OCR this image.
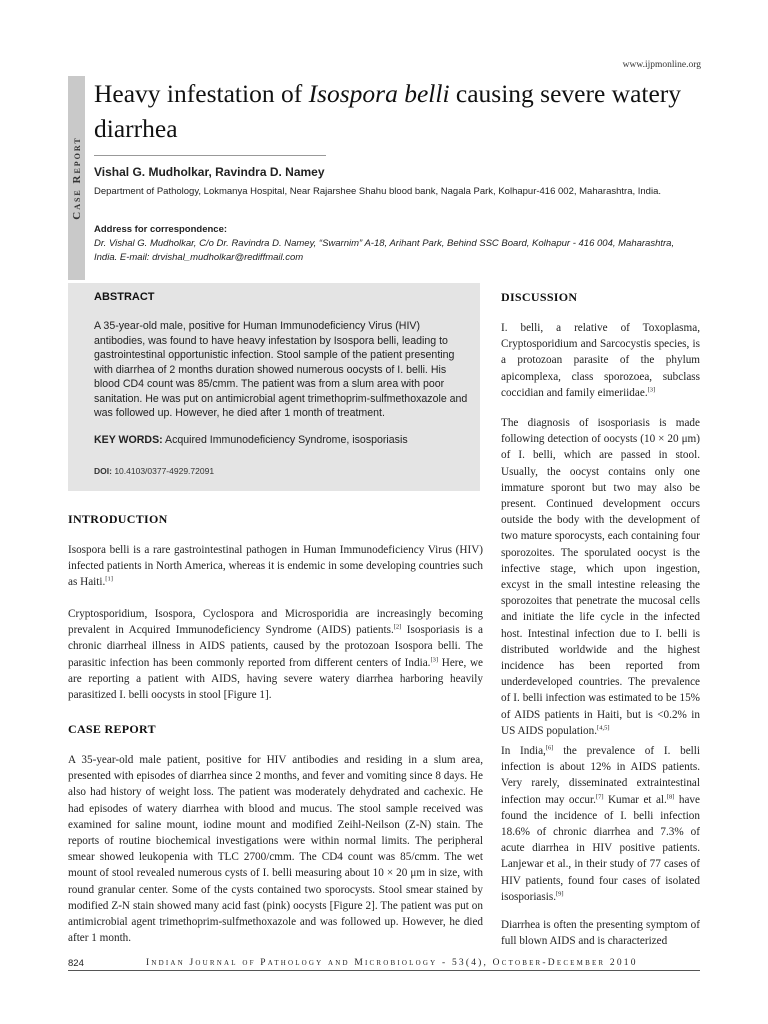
www.ijpmonline.org
Case Report
Heavy infestation of Isospora belli causing severe watery diarrhea
Vishal G. Mudholkar, Ravindra D. Namey
Department of Pathology, Lokmanya Hospital, Near Rajarshee Shahu blood bank, Nagala Park, Kolhapur-416 002, Maharashtra, India.
Address for correspondence:
Dr. Vishal G. Mudholkar, C/o Dr. Ravindra D. Namey, “Swarnim” A-18, Arihant Park, Behind SSC Board, Kolhapur - 416 004, Maharashtra, India. E-mail: drvishal_mudholkar@rediffmail.com
ABSTRACT
A 35-year-old male, positive for Human Immunodeficiency Virus (HIV) antibodies, was found to have heavy infestation by Isospora belli, leading to gastrointestinal opportunistic infection. Stool sample of the patient presenting with diarrhea of 2 months duration showed numerous oocysts of I. belli. His blood CD4 count was 85/cmm. The patient was from a slum area with poor sanitation. He was put on antimicrobial agent trimethoprim-sulfmethoxazole and was followed up. However, he died after 1 month of treatment.
KEY WORDS: Acquired Immunodeficiency Syndrome, isosporiasis
DOI: 10.4103/0377-4929.72091
INTRODUCTION

Isospora belli is a rare gastrointestinal pathogen in Human Immunodeficiency Virus (HIV) infected patients in North America, whereas it is endemic in some developing countries such as Haiti.[1]

Cryptosporidium, Isospora, Cyclospora and Microsporidia are increasingly becoming prevalent in Acquired Immunodeficiency Syndrome (AIDS) patients.[2] Isosporiasis is a chronic diarrheal illness in AIDS patients, caused by the protozoan Isospora belli. The parasitic infection has been commonly reported from different centers of India.[3] Here, we are reporting a patient with AIDS, having severe watery diarrhea harboring heavily parasitized I. belli oocysts in stool [Figure 1].

CASE REPORT

A 35-year-old male patient, positive for HIV antibodies and residing in a slum area, presented with episodes of diarrhea since 2 months, and fever and vomiting since 8 days. He also had history of weight loss. The patient was moderately dehydrated and cachexic. He had episodes of watery diarrhea with blood and mucus. The stool sample received was examined for saline mount, iodine mount and modified Zeihl-Neilson (Z-N) stain. The reports of routine biochemical investigations were within normal limits. The peripheral smear showed leukopenia with TLC 2700/cmm. The CD4 count was 85/cmm. The wet mount of stool revealed numerous cysts of I. belli measuring about 10 × 20 μm in size, with round granular center. Some of the cysts contained two sporocysts. Stool smear stained by modified Z-N stain showed many acid fast (pink) oocysts [Figure 2]. The patient was put on antimicrobial agent trimethoprim-sulfmethoxazole and was followed up. However, he died after 1 month.

DISCUSSION

I. belli, a relative of Toxoplasma, Cryptosporidium and Sarcocystis species, is a protozoan parasite of the phylum apicomplexa, class sporozoea, subclass coccidian and family eimeriidae.[3]

The diagnosis of isosporiasis is made following detection of oocysts (10 × 20 μm) of I. belli, which are passed in stool. Usually, the oocyst contains only one immature sporont but two may also be present. Continued development occurs outside the body with the development of two mature sporocysts, each containing four sporozoites. The sporulated oocyst is the infective stage, which upon ingestion, excyst in the small intestine releasing the sporozoites that penetrate the mucosal cells and initiate the life cycle in the infected host. Intestinal infection due to I. belli is distributed worldwide and the highest incidence has been reported from underdeveloped countries. The prevalence of I. belli infection was estimated to be 15% of AIDS patients in Haiti, but is <0.2% in US AIDS population.[4,5]

In India,[6] the prevalence of I. belli infection is about 12% in AIDS patients. Very rarely, disseminated extraintestinal infection may occur.[7] Kumar et al.[8] have found the incidence of I. belli infection 18.6% of chronic diarrhea and 7.3% of acute diarrhea in HIV positive patients. Lanjewar et al., in their study of 77 cases of HIV patients, found four cases of isolated isosporiasis.[9]

Diarrhea is often the presenting symptom of full blown AIDS and is characterized

824	Indian Journal of Pathology and Microbiology - 53(4), October-December 2010
